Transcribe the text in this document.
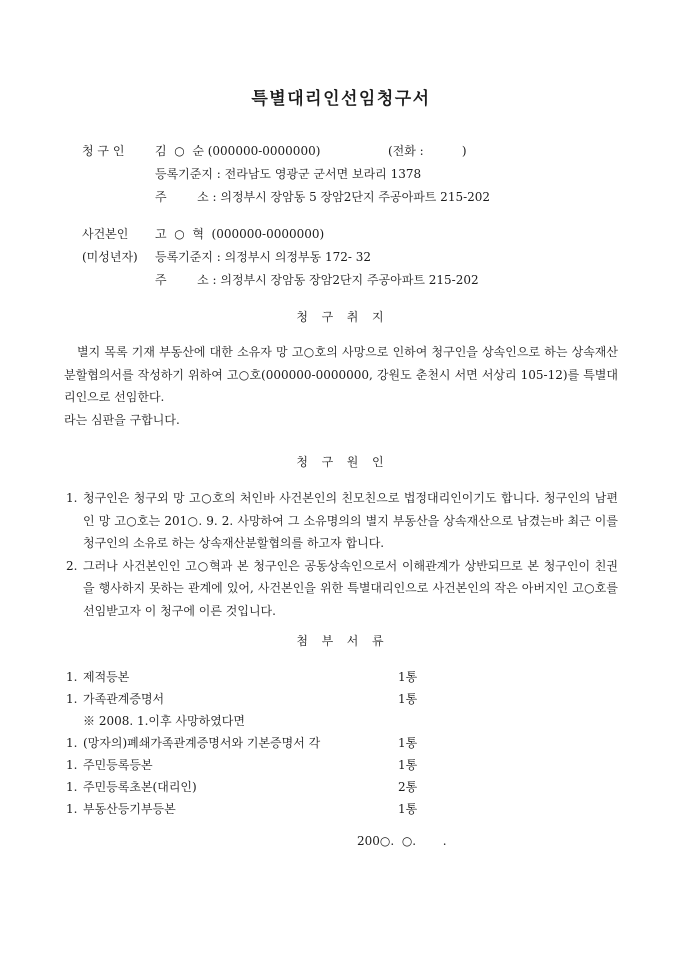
특별대리인선임청구서
청 구 인	김  ○  순 (000000-0000000)	(전화 :          )
등록기준지 : 전라남도 영광군 군서면 보라리 1378
주        소 : 의정부시 장암동 5 장암2단지 주공아파트 215-202
사건본인	고  ○  혁  (000000-0000000)
(미성년자)	등록기준지 : 의정부시 의정부동 172- 32
주        소 : 의정부시 장암동 장암2단지 주공아파트 215-202
청  구  취  지

별지 목록 기재 부동산에 대한 소유자 망 고○호의 사망으로 인하여 청구인을 상속인으로 하는 상속재산분할협의서를 작성하기 위하여 고○호(000000-0000000, 강원도 춘천시 서면 서상리 105-12)를 특별대리인으로 선임한다.

라는 심판을 구합니다.

청  구  원  인
1. 청구인은 청구외 망 고○호의 처인바 사건본인의 친모친으로 법정대리인이기도 합니다. 청구인의 남편인 망 고○호는 201○. 9. 2. 사망하여 그 소유명의의 별지 부동산을 상속재산으로 남겼는바 최근 이를 청구인의 소유로 하는 상속재산분할협의를 하고자 합니다.
2. 그러나 사건본인인 고○혁과 본 청구인은 공동상속인으로서 이해관계가 상반되므로 본 청구인이 친권을 행사하지 못하는 관계에 있어, 사건본인을 위한 특별대리인으로 사건본인의 작은 아버지인 고○호를 선임받고자 이 청구에 이른 것입니다.
첨  부  서  류
1. 제적등본	1통
1. 가족관계증명서	1통
※ 2008. 1.이후 사망하였다면
1. (망자의)폐쇄가족관계증명서와 기본증명서 각	1통
1. 주민등록등본	1통
1. 주민등록초본(대리인)	2통
1. 부동산등기부등본	1통
200○.  ○.       .
